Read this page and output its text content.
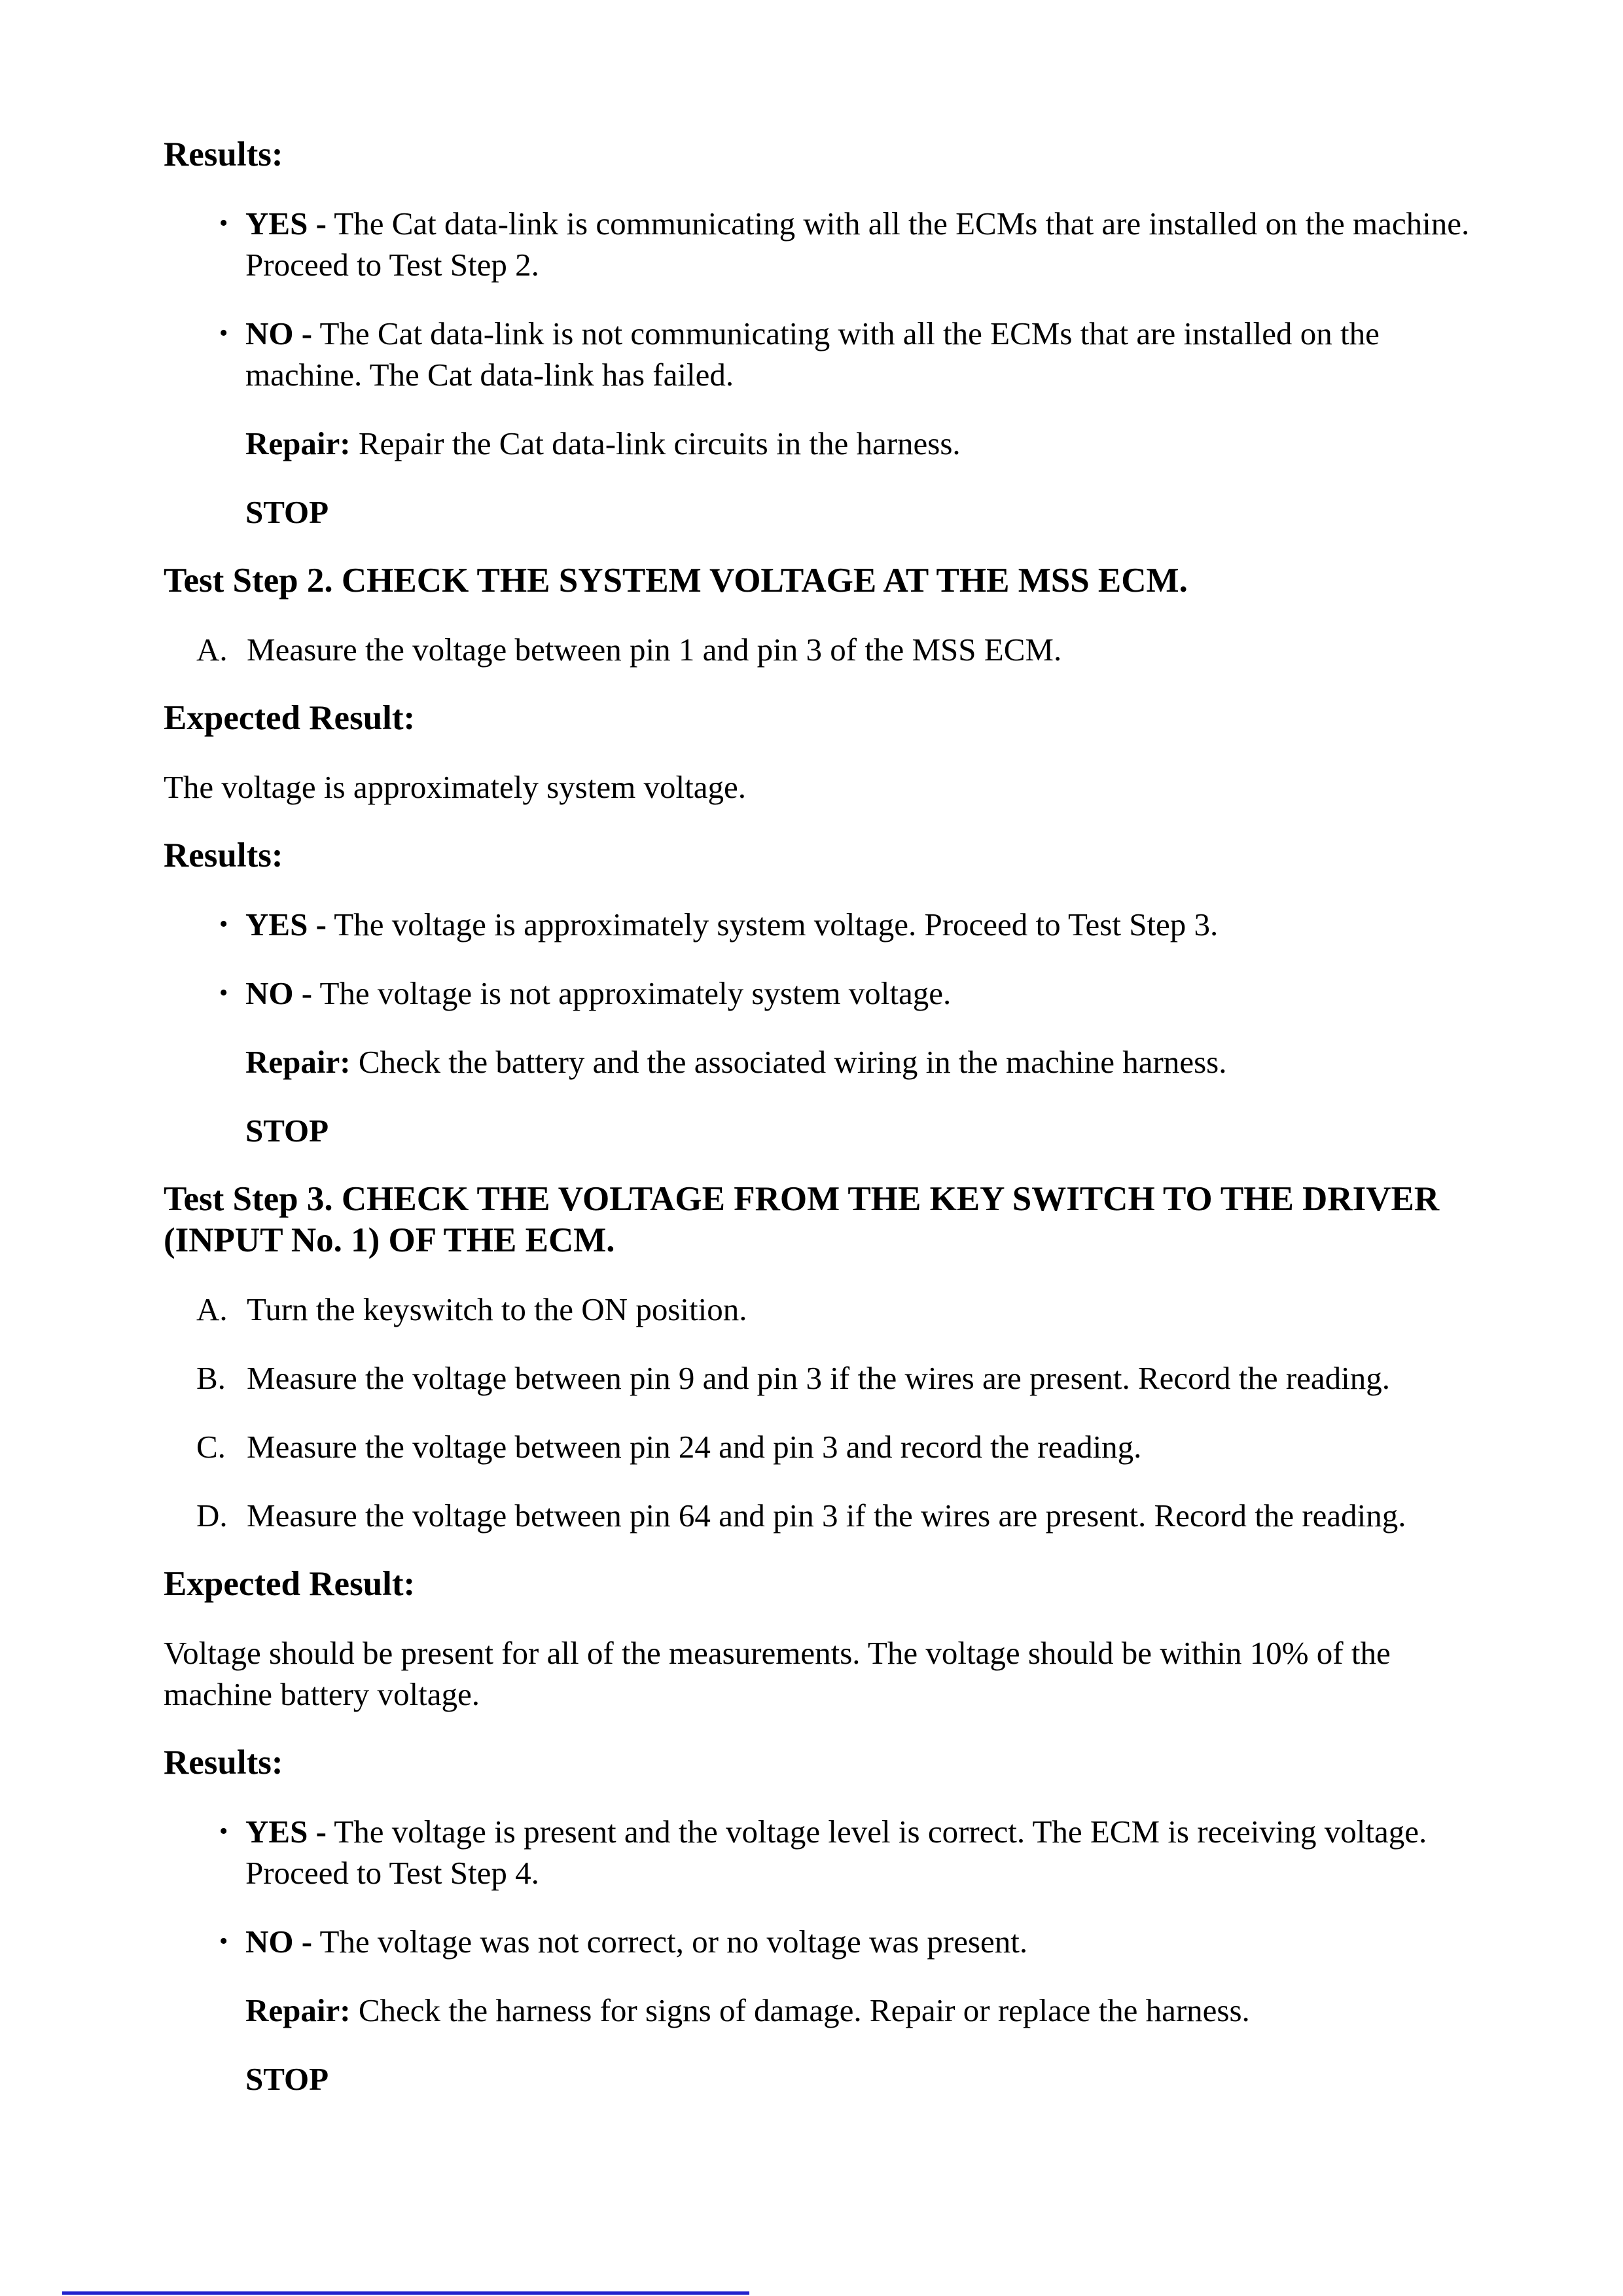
Results:

• YES - The Cat data-link is communicating with all the ECMs that are installed on the machine. Proceed to Test Step 2.
• NO - The Cat data-link is not communicating with all the ECMs that are installed on the machine. The Cat data-link has failed.

Repair: Repair the Cat data-link circuits in the harness.

STOP

Test Step 2. CHECK THE SYSTEM VOLTAGE AT THE MSS ECM.

A. Measure the voltage between pin 1 and pin 3 of the MSS ECM.

Expected Result:

The voltage is approximately system voltage.

Results:

• YES - The voltage is approximately system voltage. Proceed to Test Step 3.
• NO - The voltage is not approximately system voltage.

Repair: Check the battery and the associated wiring in the machine harness.

STOP

Test Step 3. CHECK THE VOLTAGE FROM THE KEY SWITCH TO THE DRIVER (INPUT No. 1) OF THE ECM.

A. Turn the keyswitch to the ON position.
B. Measure the voltage between pin 9 and pin 3 if the wires are present. Record the reading.
C. Measure the voltage between pin 24 and pin 3 and record the reading.
D. Measure the voltage between pin 64 and pin 3 if the wires are present. Record the reading.

Expected Result:

Voltage should be present for all of the measurements. The voltage should be within 10% of the machine battery voltage.

Results:

• YES - The voltage is present and the voltage level is correct. The ECM is receiving voltage. Proceed to Test Step 4.
• NO - The voltage was not correct, or no voltage was present.

Repair: Check the harness for signs of damage. Repair or replace the harness.

STOP
